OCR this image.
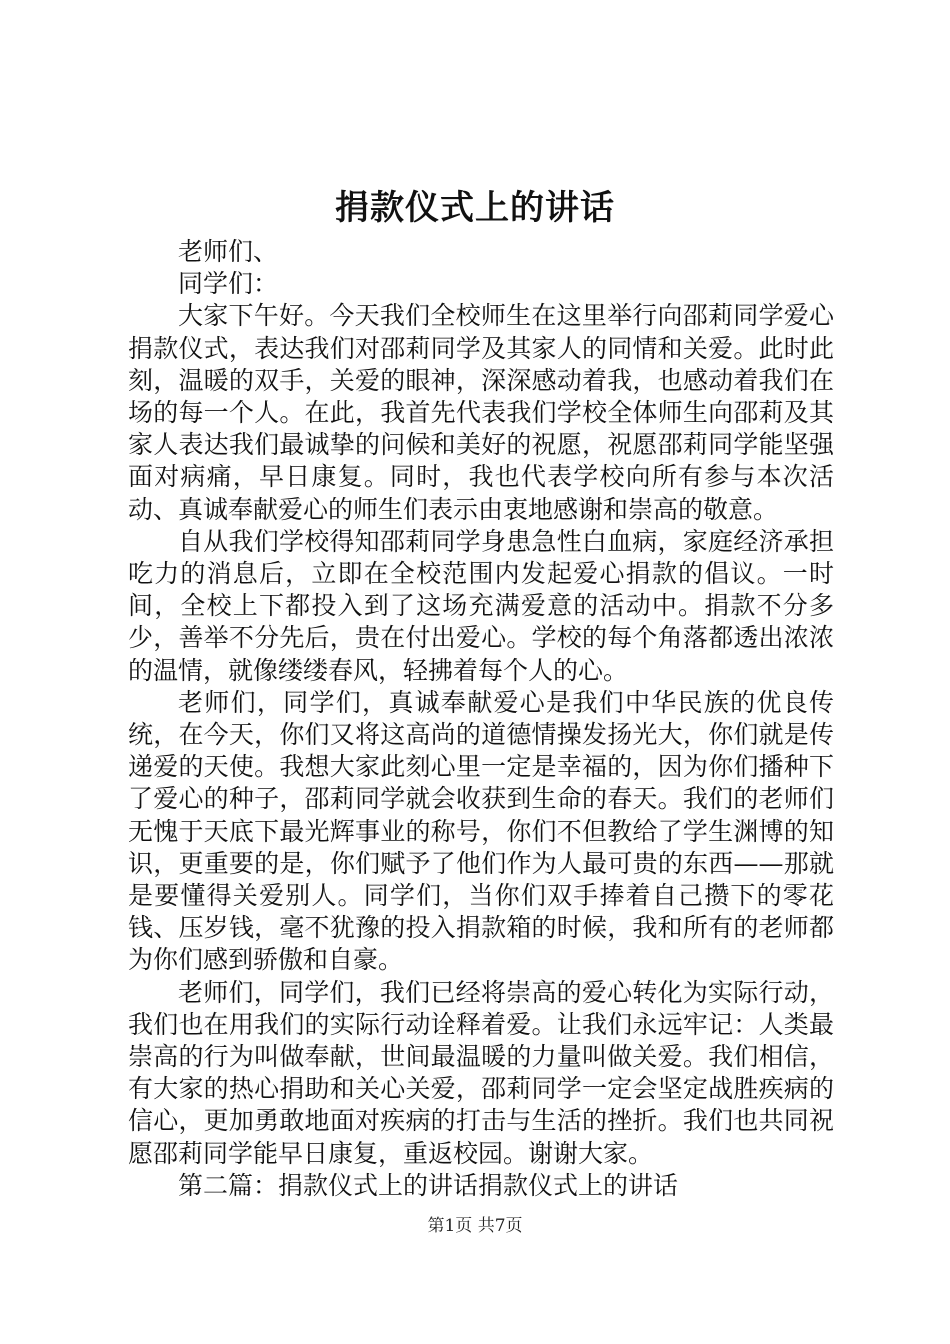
捐款仪式上的讲话

老师们、

同学们：

大家下午好。今天我们全校师生在这里举行向邵莉同学爱心捐款仪式，表达我们对邵莉同学及其家人的同情和关爱。此时此刻，温暖的双手，关爱的眼神，深深感动着我，也感动着我们在场的每一个人。在此，我首先代表我们学校全体师生向邵莉及其家人表达我们最诚挚的问候和美好的祝愿，祝愿邵莉同学能坚强面对病痛，早日康复。同时，我也代表学校向所有参与本次活动、真诚奉献爱心的师生们表示由衷地感谢和崇高的敬意。

自从我们学校得知邵莉同学身患急性白血病，家庭经济承担吃力的消息后，立即在全校范围内发起爱心捐款的倡议。一时间，全校上下都投入到了这场充满爱意的活动中。捐款不分多少，善举不分先后，贵在付出爱心。学校的每个角落都透出浓浓的温情，就像缕缕春风，轻拂着每个人的心。

老师们，同学们，真诚奉献爱心是我们中华民族的优良传统，在今天，你们又将这高尚的道德情操发扬光大，你们就是传递爱的天使。我想大家此刻心里一定是幸福的，因为你们播种下了爱心的种子，邵莉同学就会收获到生命的春天。我们的老师们无愧于天底下最光辉事业的称号，你们不但教给了学生渊博的知识，更重要的是，你们赋予了他们作为人最可贵的东西——那就是要懂得关爱别人。同学们，当你们双手捧着自己攒下的零花钱、压岁钱，毫不犹豫的投入捐款箱的时候，我和所有的老师都为你们感到骄傲和自豪。

老师们，同学们，我们已经将崇高的爱心转化为实际行动，我们也在用我们的实际行动诠释着爱。让我们永远牢记：人类最崇高的行为叫做奉献，世间最温暖的力量叫做关爱。我们相信，有大家的热心捐助和关心关爱，邵莉同学一定会坚定战胜疾病的信心，更加勇敢地面对疾病的打击与生活的挫折。我们也共同祝愿邵莉同学能早日康复，重返校园。谢谢大家。

第二篇：捐款仪式上的讲话捐款仪式上的讲话

第1页 共7页
